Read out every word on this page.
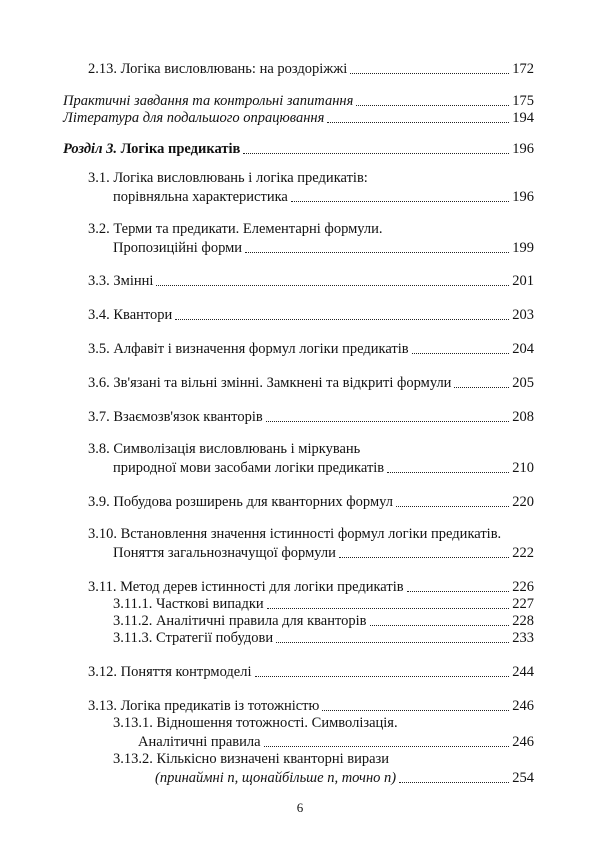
2.13. Логіка висловлювань: на роздоріжжі	172
Практичні завдання та контрольні запитання	175
Література для подальшого опрацювання	194
Розділ 3. Логіка предикатів	196
3.1. Логіка висловлювань і логіка предикатів:
порівняльна характеристика	196
3.2. Терми та предикати. Елементарні формули.
Пропозиційні форми	199
3.3. Змінні	201
3.4. Квантори	203
3.5. Алфавіт і визначення формул логіки предикатів	204
3.6. Зв'язані та вільні змінні. Замкнені та відкриті формули	205
3.7. Взаємозв'язок кванторів	208
3.8. Символізація висловлювань і міркувань
природної мови засобами логіки предикатів	210
3.9. Побудова розширень для кванторних формул	220
3.10. Встановлення значення істинності формул логіки предикатів.
Поняття загальнозначущої формули	222
3.11. Метод дерев істинності для логіки предикатів	226
3.11.1. Часткові випадки	227
3.11.2. Аналітичні правила для кванторів	228
3.11.3. Стратегії побудови	233
3.12. Поняття контрмоделі	244
3.13. Логіка предикатів із тотожністю	246
3.13.1. Відношення тотожності. Символізація.
Аналітичні правила	246
3.13.2. Кількісно визначені кванторні вирази
(принаймні n, щонайбільше n, точно n)	254
6
